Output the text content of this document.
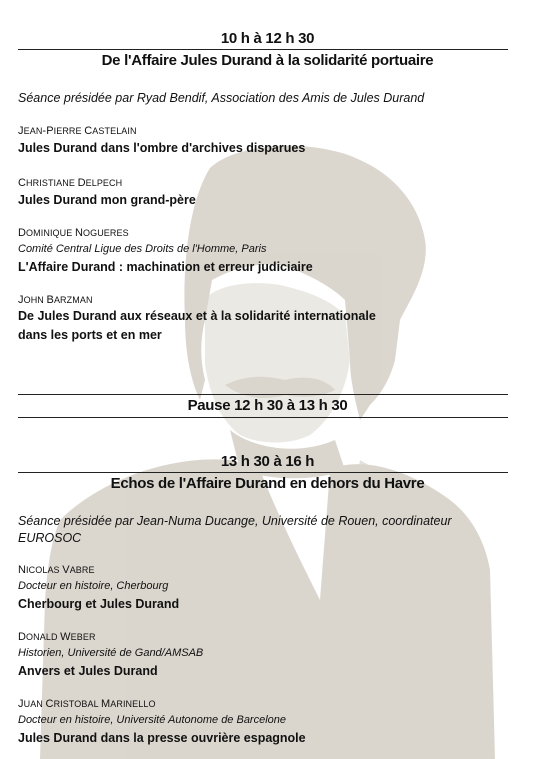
10 h à 12 h 30
De l'Affaire Jules Durand à la solidarité portuaire
Séance présidée par Ryad Bendif, Association des Amis de Jules Durand
JEAN-PIERRE CASTELAIN
Jules Durand dans l'ombre d'archives disparues
CHRISTIANE DELPECH
Jules Durand mon grand-père
DOMINIQUE NOGUERES
Comité Central Ligue des Droits de l'Homme, Paris
L'Affaire Durand : machination et erreur judiciaire
JOHN BARZMAN
De Jules Durand aux réseaux et à la solidarité internationale dans les ports et en mer
Pause 12 h 30 à 13 h 30
13 h 30 à 16 h
Echos de l'Affaire Durand en dehors du Havre
Séance présidée par Jean-Numa Ducange, Université de Rouen, coordinateur EUROSOC
NICOLAS VABRE
Docteur en histoire, Cherbourg
Cherbourg et Jules Durand
DONALD WEBER
Historien, Université de Gand/AMSAB
Anvers et Jules Durand
JUAN CRISTOBAL MARINELLO
Docteur en histoire, Université Autonome de Barcelone
Jules Durand dans la presse ouvrière espagnole
